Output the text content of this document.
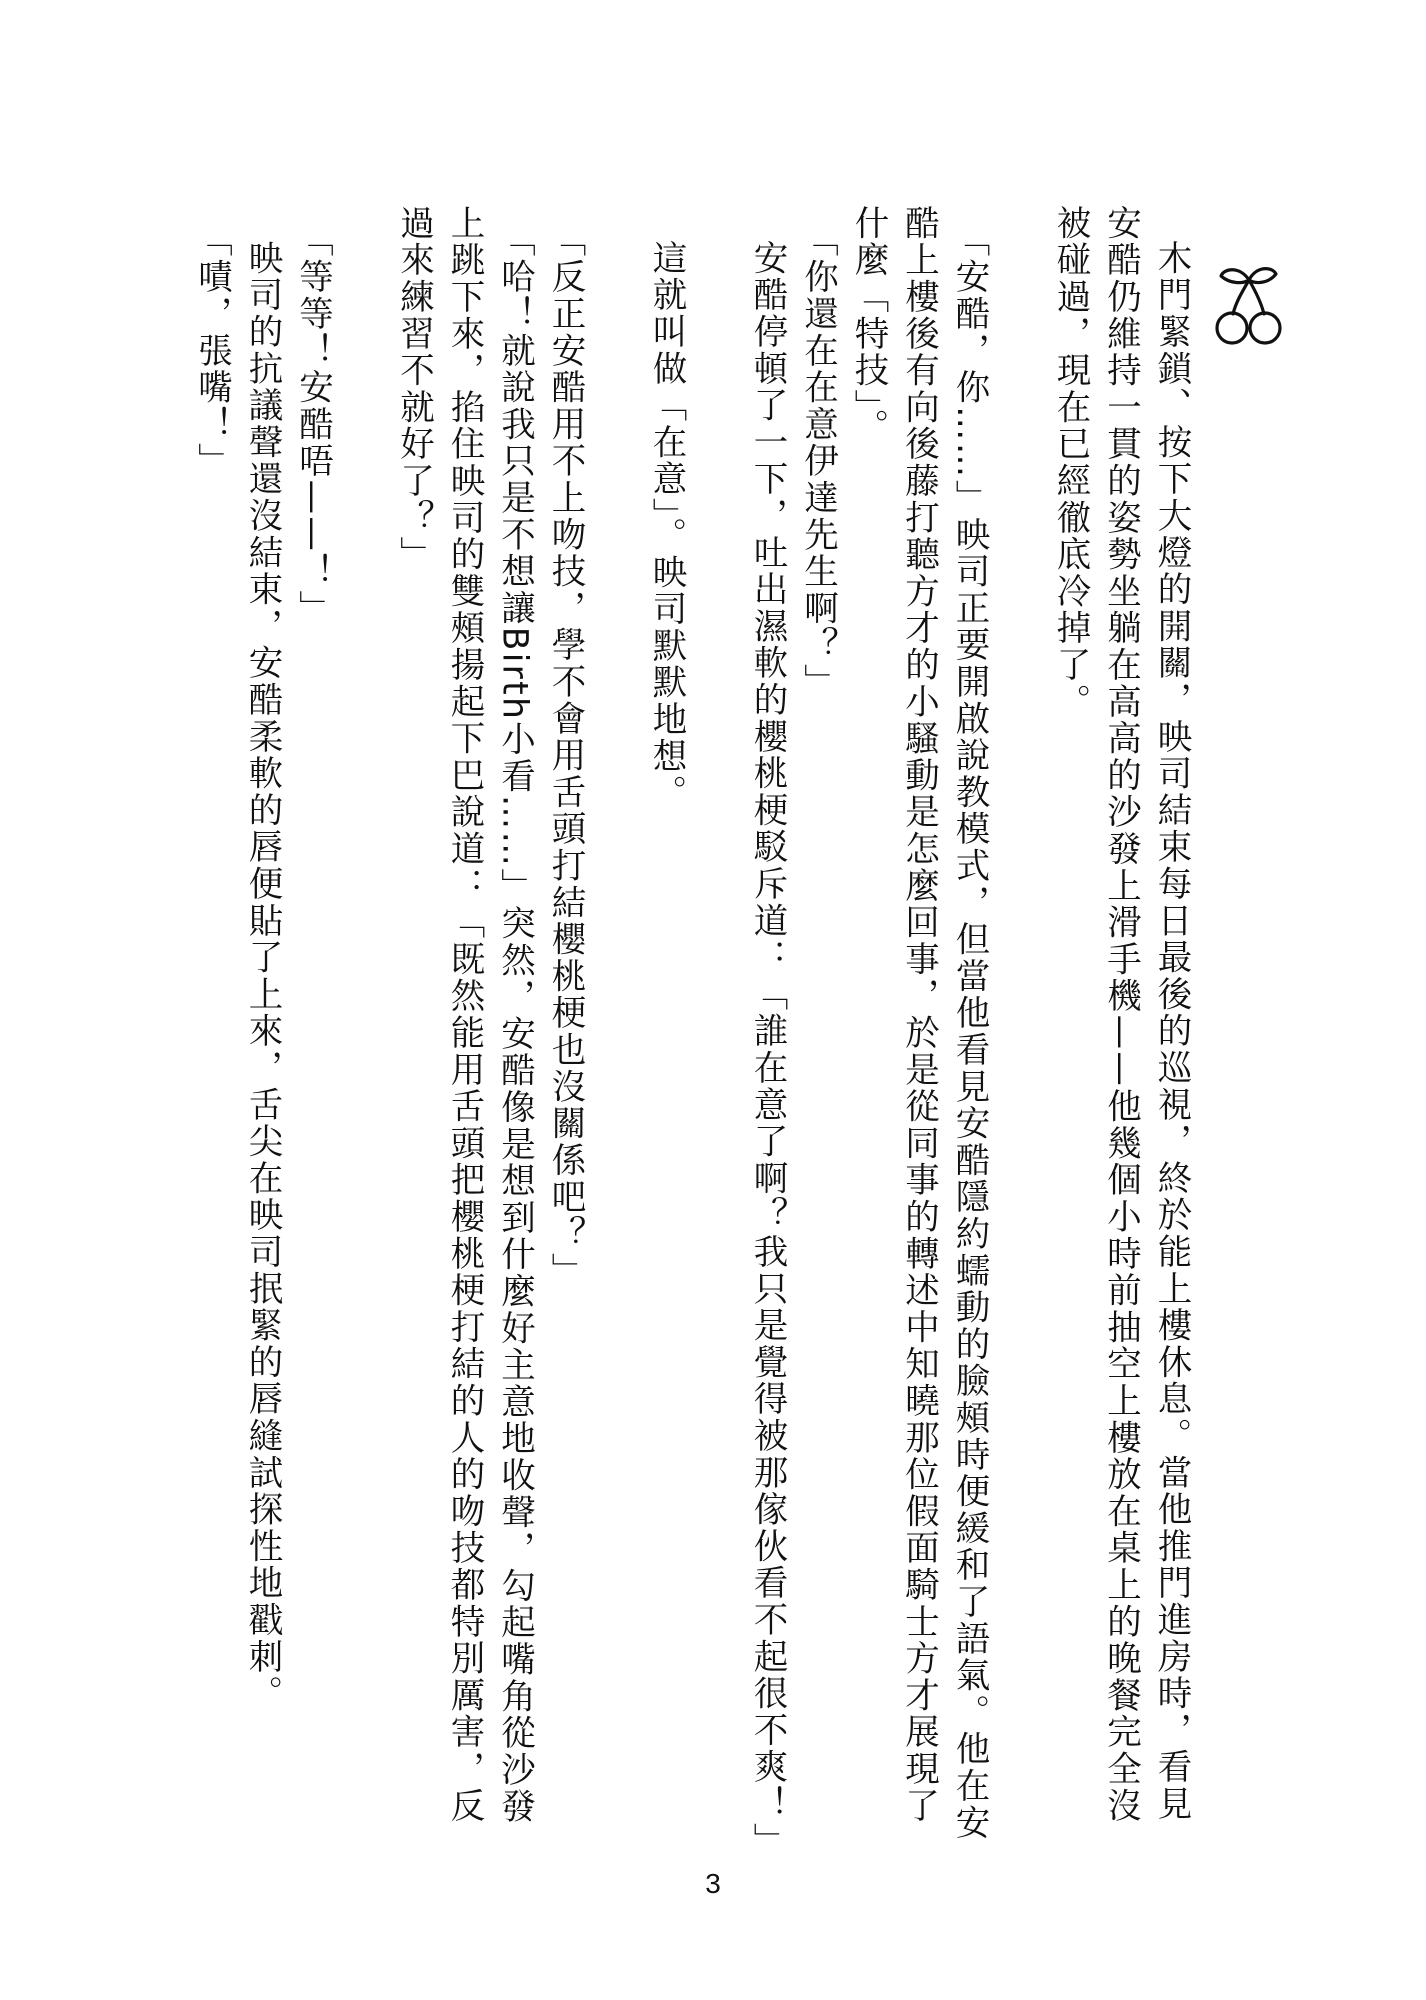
木門緊鎖、按下大燈的開關，映司結束每日最後的巡視，終於能上樓休息。當他推門進房時，看見安酷仍維持一貫的姿勢坐躺在高高的沙發上滑手機——他幾個小時前抽空上樓放在桌上的晚餐完全沒被碰過，現在已經徹底冷掉了。

「安酷，你……」映司正要開啟說教模式，但當他看見安酷隱約蠕動的臉頰時便緩和了語氣。他在安酷上樓後有向後藤打聽方才的小騷動是怎麼回事，於是從同事的轉述中知曉那位假面騎士方才展現了什麼「特技」。

「你還在在意伊達先生啊？」

安酷停頓了一下，吐出濕軟的櫻桃梗駁斥道：「誰在意了啊？我只是覺得被那傢伙看不起很不爽！」

這就叫做「在意」。映司默默地想。

「反正安酷用不上吻技，學不會用舌頭打結櫻桃梗也沒關係吧？」

「哈！就說我只是不想讓Birth小看……」突然，安酷像是想到什麼好主意地收聲，勾起嘴角從沙發上跳下來，掐住映司的雙頰揚起下巴說道：「既然能用舌頭把櫻桃梗打結的人的吻技都特別厲害，反過來練習不就好了？」

「等等！安酷唔——！」

映司的抗議聲還沒結束，安酷柔軟的唇便貼了上來，舌尖在映司抿緊的唇縫試探性地戳刺。

「嘖，張嘴！」

3
